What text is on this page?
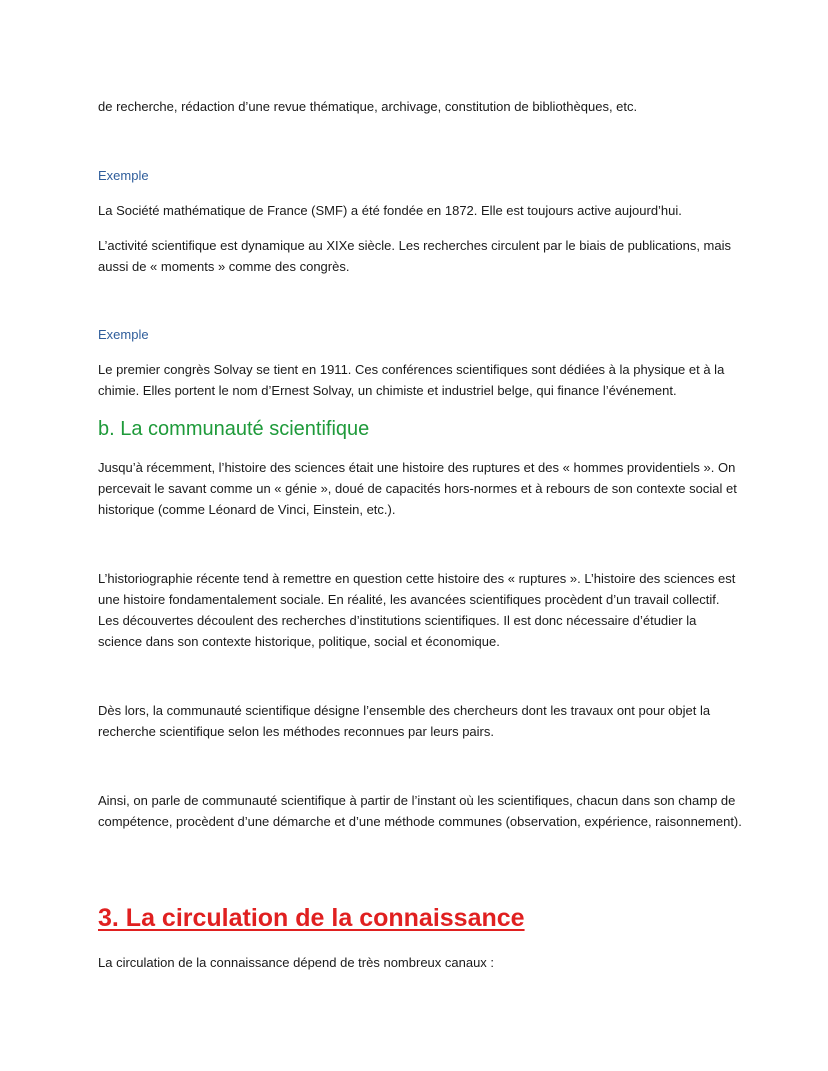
de recherche, rédaction d’une revue thématique, archivage, constitution de bibliothèques, etc.

Exemple

La Société mathématique de France (SMF) a été fondée en 1872. Elle est toujours active aujourd’hui.

L’activité scientifique est dynamique au XIXe siècle. Les recherches circulent par le biais de publications, mais aussi de « moments » comme des congrès.

Exemple

Le premier congrès Solvay se tient en 1911. Ces conférences scientifiques sont dédiées à la physique et à la chimie. Elles portent le nom d’Ernest Solvay, un chimiste et industriel belge, qui finance l’événement.

b. La communauté scientifique

Jusqu’à récemment, l’histoire des sciences était une histoire des ruptures et des « hommes providentiels ». On percevait le savant comme un « génie », doué de capacités hors-normes et à rebours de son contexte social et historique (comme Léonard de Vinci, Einstein, etc.).

L’historiographie récente tend à remettre en question cette histoire des « ruptures ». L’histoire des sciences est une histoire fondamentalement sociale. En réalité, les avancées scientifiques procèdent d’un travail collectif. Les découvertes découlent des recherches d’institutions scientifiques. Il est donc nécessaire d’étudier la science dans son contexte historique, politique, social et économique.

Dès lors, la communauté scientifique désigne l’ensemble des chercheurs dont les travaux ont pour objet la recherche scientifique selon les méthodes reconnues par leurs pairs.

Ainsi, on parle de communauté scientifique à partir de l’instant où les scientifiques, chacun dans son champ de compétence, procèdent d’une démarche et d’une méthode communes (observation, expérience, raisonnement).

3. La circulation de la connaissance

La circulation de la connaissance dépend de très nombreux canaux :
